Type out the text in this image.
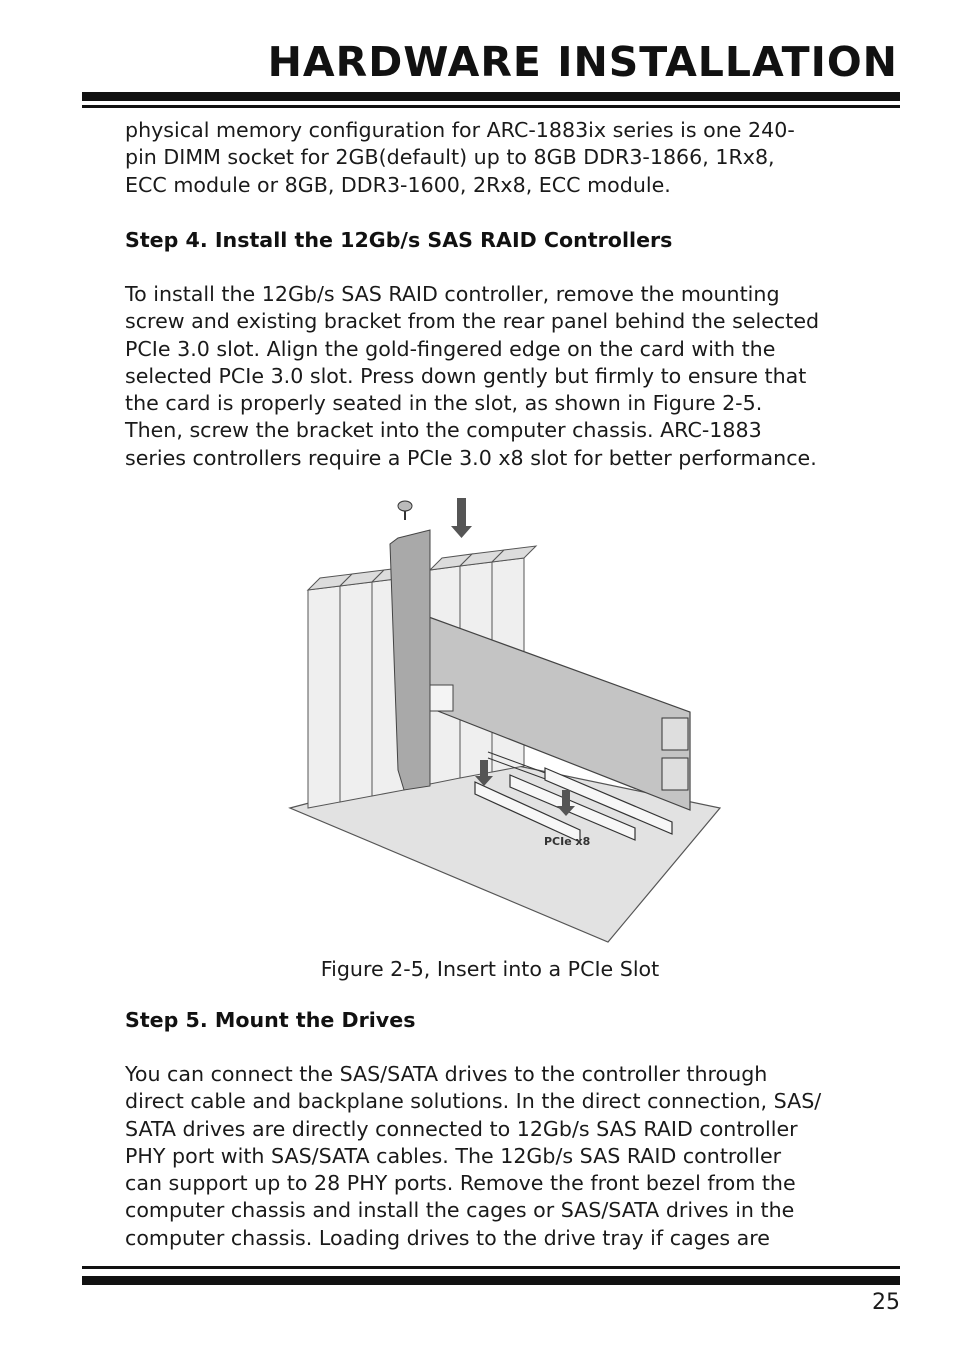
HARDWARE INSTALLATION

physical memory configuration for ARC-1883ix series is one 240-
pin DIMM socket for 2GB(default) up to 8GB DDR3-1866, 1Rx8,
ECC module or 8GB, DDR3-1600, 2Rx8, ECC module.

Step 4. Install the 12Gb/s SAS RAID Controllers

To install the 12Gb/s SAS RAID controller, remove the mounting
screw and existing bracket from the rear panel behind the selected
PCIe 3.0 slot. Align the gold-fingered edge on the card with the
selected PCIe 3.0 slot. Press down gently but firmly to ensure that
the card is properly seated in the slot, as shown in Figure 2-5.
Then, screw the bracket into the computer chassis. ARC-1883
series controllers require a PCIe 3.0 x8 slot for better performance.

PCIe x8

Figure 2-5, Insert into a PCIe Slot

Step 5. Mount the Drives

You can connect the SAS/SATA drives to the controller through
direct cable and backplane solutions. In the direct connection, SAS/
SATA drives are directly connected to 12Gb/s SAS RAID controller
PHY port with SAS/SATA cables. The 12Gb/s SAS RAID controller
can support up to 28 PHY ports. Remove the front bezel from the
computer chassis and install the cages or SAS/SATA drives in the
computer chassis. Loading drives to the drive tray if cages are

25
